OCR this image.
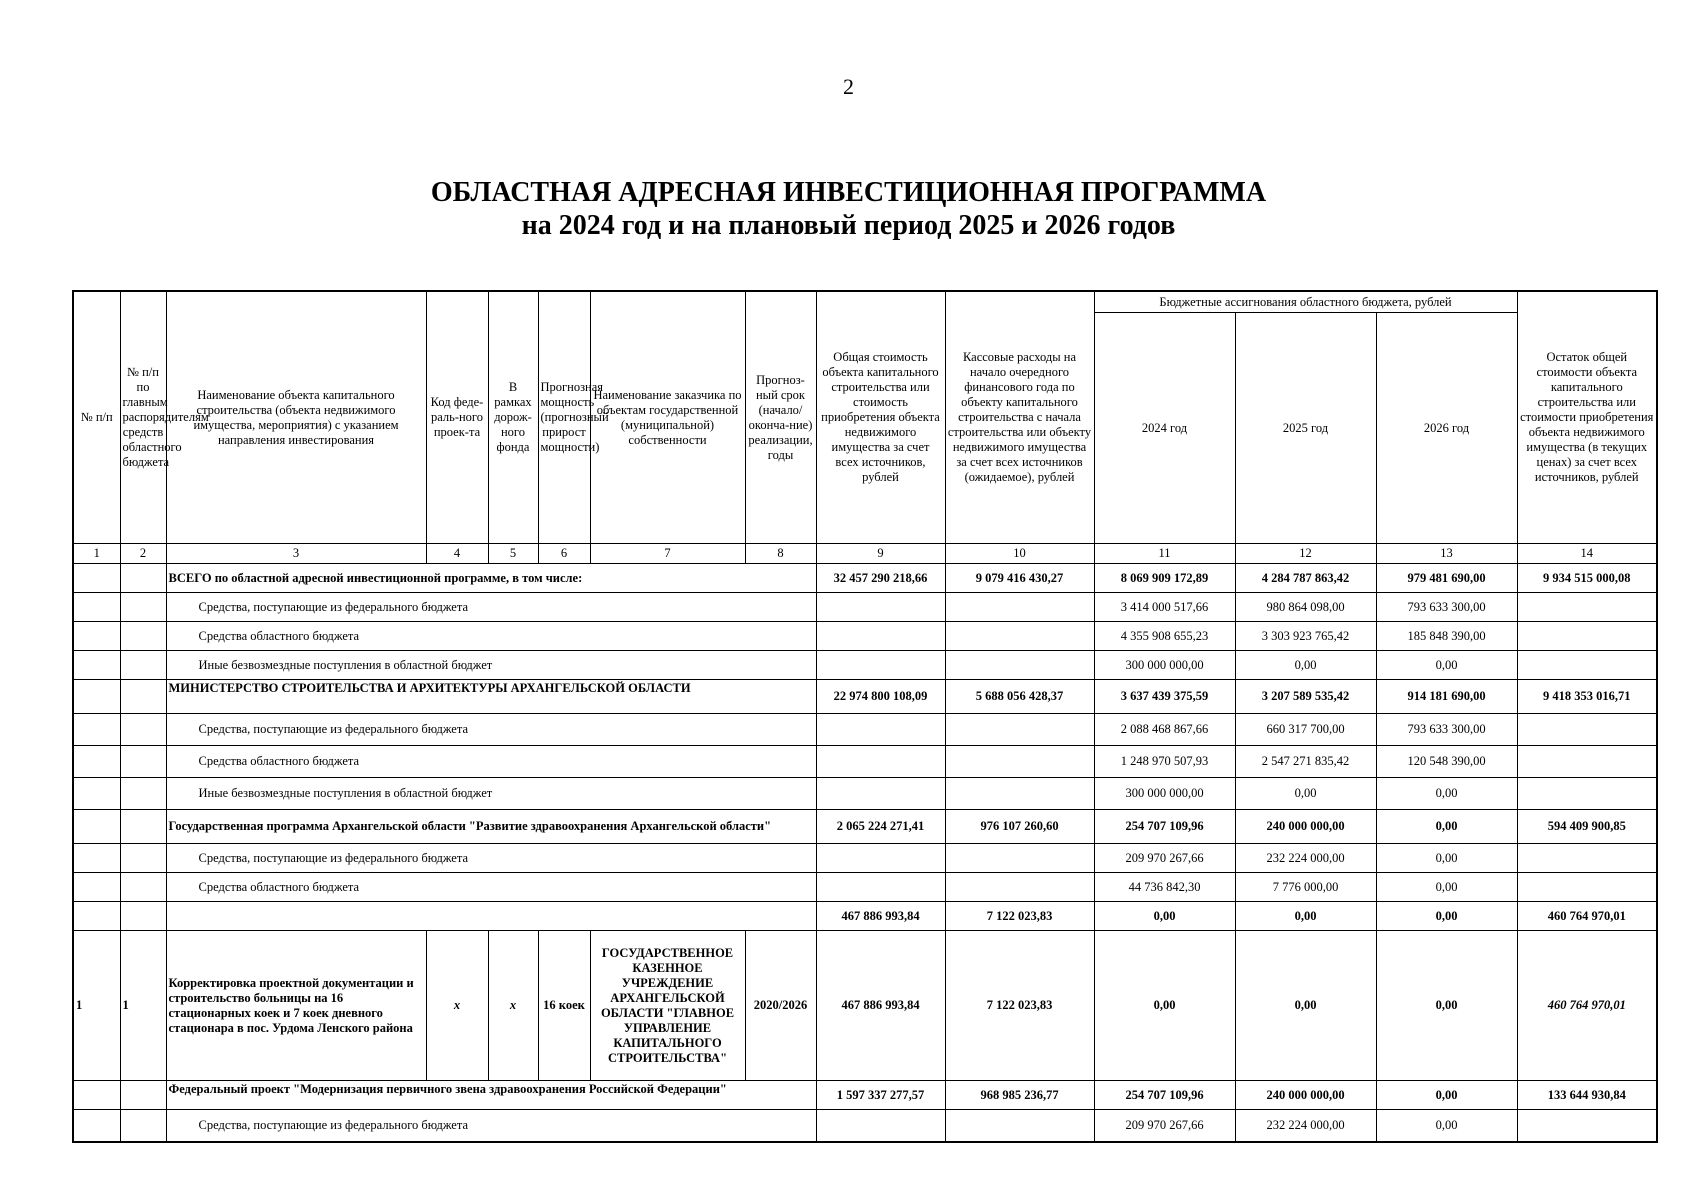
2
ОБЛАСТНАЯ АДРЕСНАЯ ИНВЕСТИЦИОННАЯ ПРОГРАММА
на 2024 год и на плановый период 2025 и 2026 годов
№ п/п	№ п/п по главным распорядителям средств областного бюджета	Наименование объекта капитального строительства (объекта недвижимого имущества, мероприятия) с указанием направления инвестирования	Код феде-раль-ного проек-та	В рамках дорож-ного фонда	Прогнозная мощность (прогнозный прирост мощности)	Наименование заказчика по объектам государственной (муниципальной) собственности	Прогноз-ный срок (начало/ оконча-ние) реализации, годы	Общая стоимость объекта капитального строительства или стоимость приобретения объекта недвижимого имущества за счет всех источников, рублей	Кассовые расходы на начало очередного финансового года по объекту капитального строительства с начала строительства или объекту недвижимого имущества за счет всех источников (ожидаемое), рублей	Бюджетные ассигнования областного бюджета, рублей			Остаток общей стоимости объекта капитального строительства или стоимости приобретения объекта недвижимого имущества (в текущих ценах) за счет всех источников, рублей
										2024 год	2025 год	2026 год	
1	2	3	4	5	6	7	8	9	10	11	12	13	14
		ВСЕГО по областной адресной инвестиционной программе, в том числе:						32 457 290 218,66	9 079 416 430,27	8 069 909 172,89	4 284 787 863,42	979 481 690,00	9 934 515 000,08
		Средства, поступающие из федерального бюджета								3 414 000 517,66	980 864 098,00	793 633 300,00	
		Средства областного бюджета								4 355 908 655,23	3 303 923 765,42	185 848 390,00	
		Иные безвозмездные поступления в областной бюджет								300 000 000,00	0,00	0,00	
		МИНИСТЕРСТВО СТРОИТЕЛЬСТВА И АРХИТЕКТУРЫ АРХАНГЕЛЬСКОЙ ОБЛАСТИ						22 974 800 108,09	5 688 056 428,37	3 637 439 375,59	3 207 589 535,42	914 181 690,00	9 418 353 016,71
		Средства, поступающие из федерального бюджета								2 088 468 867,66	660 317 700,00	793 633 300,00	
		Средства областного бюджета								1 248 970 507,93	2 547 271 835,42	120 548 390,00	
		Иные безвозмездные поступления в областной бюджет								300 000 000,00	0,00	0,00	
		Государственная программа Архангельской области "Развитие здравоохранения Архангельской области"						2 065 224 271,41	976 107 260,60	254 707 109,96	240 000 000,00	0,00	594 409 900,85
		Средства, поступающие из федерального бюджета								209 970 267,66	232 224 000,00	0,00	
		Средства областного бюджета								44 736 842,30	7 776 000,00	0,00	
								467 886 993,84	7 122 023,83	0,00	0,00	0,00	460 764 970,01
1	1	Корректировка проектной документации и строительство больницы на 16 стационарных коек и 7 коек дневного стационара в пос. Урдома Ленского района	x	x	16 коек	ГОСУДАРСТВЕННОЕ КАЗЕННОЕ УЧРЕЖДЕНИЕ АРХАНГЕЛЬСКОЙ ОБЛАСТИ "ГЛАВНОЕ УПРАВЛЕНИЕ КАПИТАЛЬНОГО СТРОИТЕЛЬСТВА"	2020/2026	467 886 993,84	7 122 023,83	0,00	0,00	0,00	460 764 970,01
		Федеральный проект "Модернизация первичного звена здравоохранения Российской Федерации"						1 597 337 277,57	968 985 236,77	254 707 109,96	240 000 000,00	0,00	133 644 930,84
		Средства, поступающие из федерального бюджета								209 970 267,66	232 224 000,00	0,00	
